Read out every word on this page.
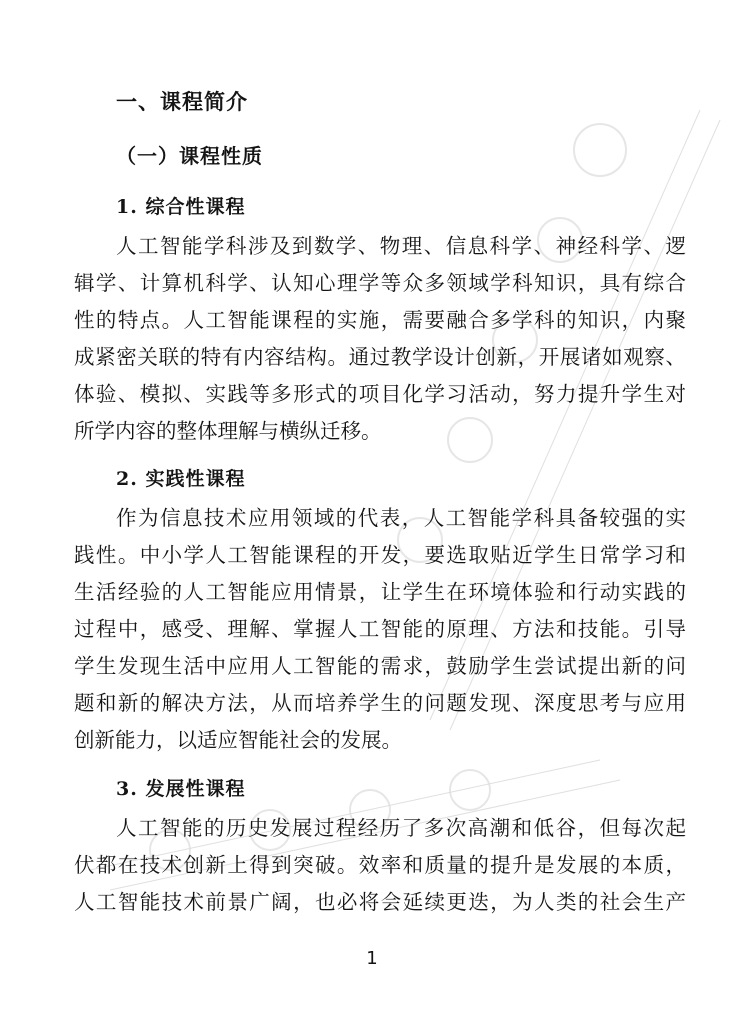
一、课程简介
（一）课程性质
1. 综合性课程
人工智能学科涉及到数学、物理、信息科学、神经科学、逻
辑学、计算机科学、认知心理学等众多领域学科知识，具有综合
性的特点。人工智能课程的实施，需要融合多学科的知识，内聚
成紧密关联的特有内容结构。通过教学设计创新，开展诸如观察、
体验、模拟、实践等多形式的项目化学习活动，努力提升学生对
所学内容的整体理解与横纵迁移。
2. 实践性课程
作为信息技术应用领域的代表，人工智能学科具备较强的实
践性。中小学人工智能课程的开发，要选取贴近学生日常学习和
生活经验的人工智能应用情景，让学生在环境体验和行动实践的
过程中，感受、理解、掌握人工智能的原理、方法和技能。引导
学生发现生活中应用人工智能的需求，鼓励学生尝试提出新的问
题和新的解决方法，从而培养学生的问题发现、深度思考与应用
创新能力，以适应智能社会的发展。
3. 发展性课程
人工智能的历史发展过程经历了多次高潮和低谷，但每次起
伏都在技术创新上得到突破。效率和质量的提升是发展的本质，
人工智能技术前景广阔，也必将会延续更迭，为人类的社会生产
1
